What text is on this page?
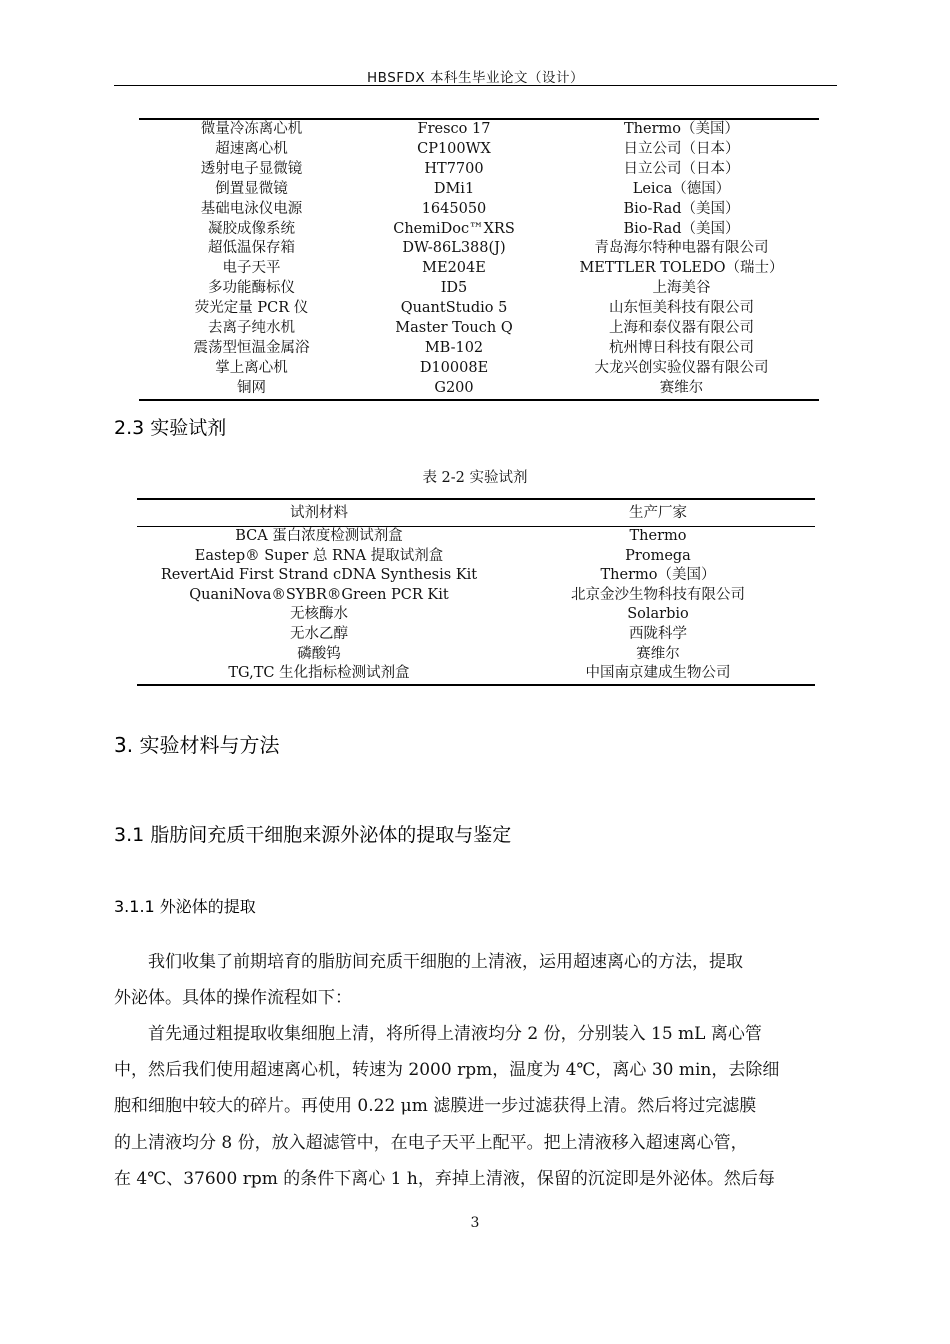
HBSFDX 本科生毕业论文（设计）
微量冷冻离心机	Fresco 17	Thermo（美国）
超速离心机	CP100WX	日立公司（日本）
透射电子显微镜	HT7700	日立公司（日本）
倒置显微镜	DMi1	Leica（德国）
基础电泳仪电源	1645050	Bio-Rad（美国）
凝胶成像系统	ChemiDoc™XRS	Bio-Rad（美国）
超低温保存箱	DW-86L388(J)	青岛海尔特种电器有限公司
电子天平	ME204E	METTLER TOLEDO（瑞士）
多功能酶标仪	ID5	上海美谷
荧光定量 PCR 仪	QuantStudio 5	山东恒美科技有限公司
去离子纯水机	Master Touch Q	上海和泰仪器有限公司
震荡型恒温金属浴	MB-102	杭州博日科技有限公司
掌上离心机	D10008E	大龙兴创实验仪器有限公司
铜网	G200	赛维尔
2.3 实验试剂
表 2-2 实验试剂
试剂材料	生产厂家
BCA 蛋白浓度检测试剂盒	Thermo
Eastep® Super 总 RNA 提取试剂盒	Promega
RevertAid First Strand cDNA Synthesis Kit	Thermo（美国）
QuaniNova®SYBR®Green PCR Kit	北京金沙生物科技有限公司
无核酶水	Solarbio
无水乙醇	西陇科学
磷酸钨	赛维尔
TG,TC 生化指标检测试剂盒	中国南京建成生物公司
3. 实验材料与方法
3.1 脂肪间充质干细胞来源外泌体的提取与鉴定
3.1.1 外泌体的提取
　　我们收集了前期培育的脂肪间充质干细胞的上清液，运用超速离心的方法，提取
外泌体。具体的操作流程如下：
　　首先通过粗提取收集细胞上清，将所得上清液均分 2 份，分别装入 15 mL 离心管
中，然后我们使用超速离心机，转速为 2000 rpm，温度为 4℃，离心 30 min，去除细
胞和细胞中较大的碎片。再使用 0.22 μm 滤膜进一步过滤获得上清。然后将过完滤膜
的上清液均分 8 份，放入超滤管中，在电子天平上配平。把上清液移入超速离心管，
在 4℃、37600 rpm 的条件下离心 1 h，弃掉上清液，保留的沉淀即是外泌体。然后每
3
